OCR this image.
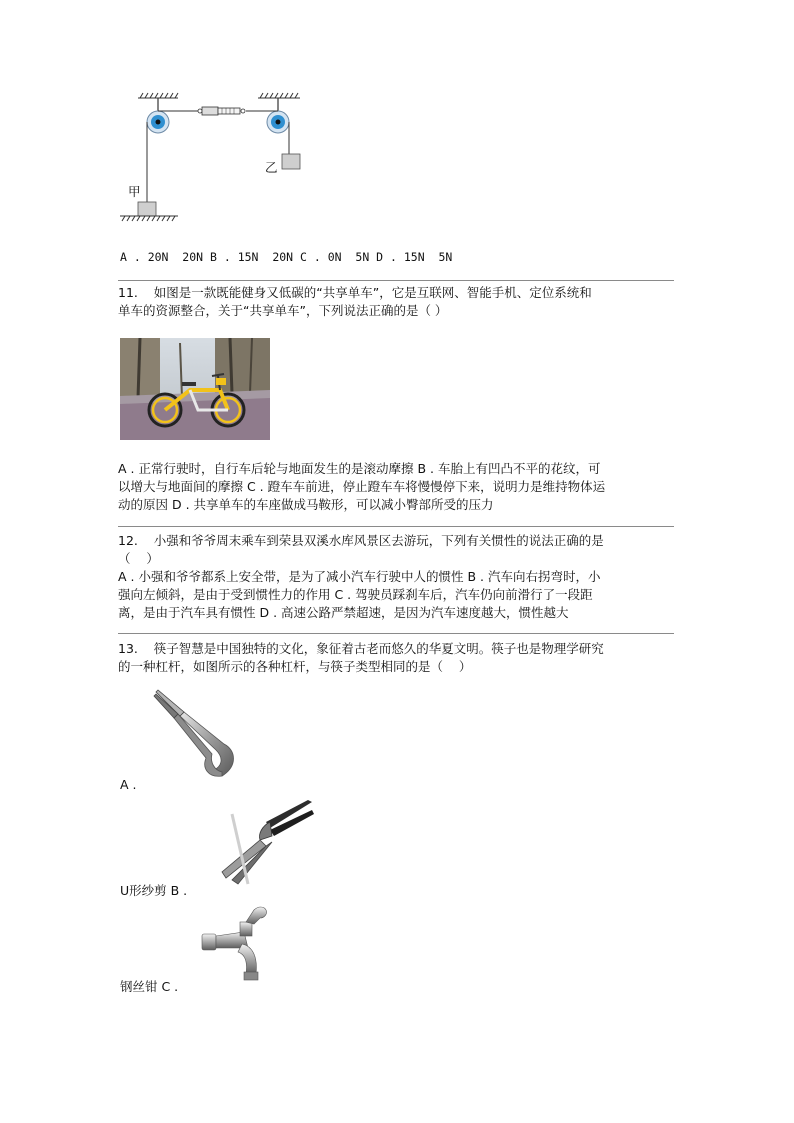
甲
乙
A . 20N  20N B . 15N  20N C . 0N  5N D . 15N  5N
11.    如图是一款既能健身又低碳的“共享单车”，它是互联网、智能手机、定位系统和
单车的资源整合，关于“共享单车”，下列说法正确的是（ ）
A . 正常行驶时，自行车后轮与地面发生的是滚动摩擦 B . 车胎上有凹凸不平的花纹，可
以增大与地面间的摩擦 C . 蹬车车前进，停止蹬车车将慢慢停下来，说明力是维持物体运
动的原因 D . 共享单车的车座做成马鞍形，可以减小臀部所受的压力
12.    小强和爷爷周末乘车到荣县双溪水库风景区去游玩，下列有关惯性的说法正确的是
（    ）
A . 小强和爷爷都系上安全带，是为了减小汽车行驶中人的惯性 B . 汽车向右拐弯时，小
强向左倾斜，是由于受到惯性力的作用 C . 驾驶员踩刹车后，汽车仍向前滑行了一段距
离，是由于汽车具有惯性 D . 高速公路严禁超速，是因为汽车速度越大，惯性越大
13.    筷子智慧是中国独特的文化，象征着古老而悠久的华夏文明。筷子也是物理学研究
的一种杠杆，如图所示的各种杠杆，与筷子类型相同的是（    ）
A .
U形纱剪 B .
钢丝钳 C .
